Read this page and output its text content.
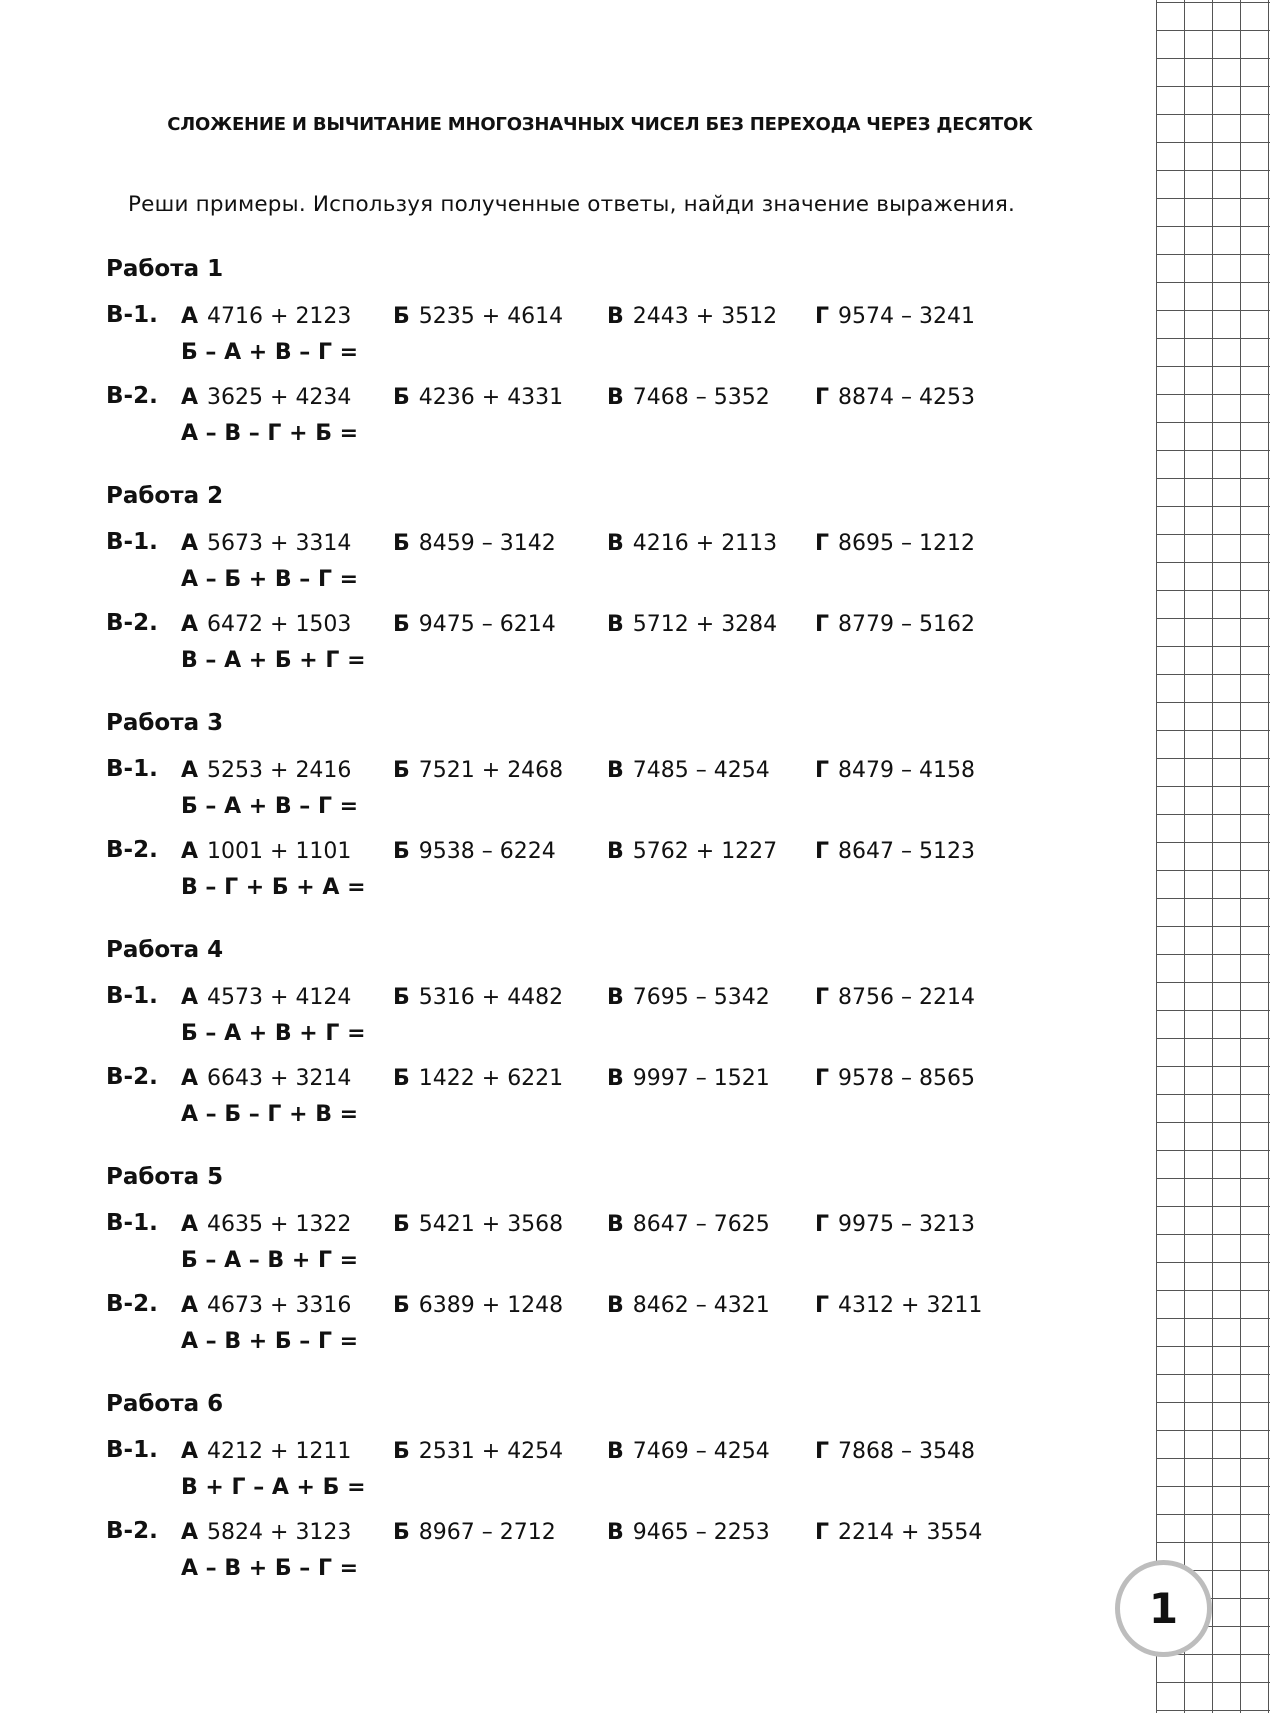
СЛОЖЕНИЕ И ВЫЧИТАНИЕ МНОГОЗНАЧНЫХ ЧИСЕЛ БЕЗ ПЕРЕХОДА ЧЕРЕЗ ДЕСЯТОК
Реши примеры. Используя полученные ответы, найди значение выражения.
Работа 1
В-1. А 4716 + 2123 Б 5235 + 4614 В 2443 + 3512 Г 9574 – 3241
Б – А + В – Г =
В-2. А 3625 + 4234 Б 4236 + 4331 В 7468 – 5352 Г 8874 – 4253
А – В – Г + Б =
Работа 2
В-1. А 5673 + 3314 Б 8459 – 3142 В 4216 + 2113 Г 8695 – 1212
А – Б + В – Г =
В-2. А 6472 + 1503 Б 9475 – 6214 В 5712 + 3284 Г 8779 – 5162
В – А + Б + Г =
Работа 3
В-1. А 5253 + 2416 Б 7521 + 2468 В 7485 – 4254 Г 8479 – 4158
Б – А + В – Г =
В-2. А 1001 + 1101 Б 9538 – 6224 В 5762 + 1227 Г 8647 – 5123
В – Г + Б + А =
Работа 4
В-1. А 4573 + 4124 Б 5316 + 4482 В 7695 – 5342 Г 8756 – 2214
Б – А + В + Г =
В-2. А 6643 + 3214 Б 1422 + 6221 В 9997 – 1521 Г 9578 – 8565
А – Б – Г + В =
Работа 5
В-1. А 4635 + 1322 Б 5421 + 3568 В 8647 – 7625 Г 9975 – 3213
Б – А – В + Г =
В-2. А 4673 + 3316 Б 6389 + 1248 В 8462 – 4321 Г 4312 + 3211
А – В + Б – Г =
Работа 6
В-1. А 4212 + 1211 Б 2531 + 4254 В 7469 – 4254 Г 7868 – 3548
В + Г – А + Б =
В-2. А 5824 + 3123 Б 8967 – 2712 В 9465 – 2253 Г 2214 + 3554
А – В + Б – Г =
1
